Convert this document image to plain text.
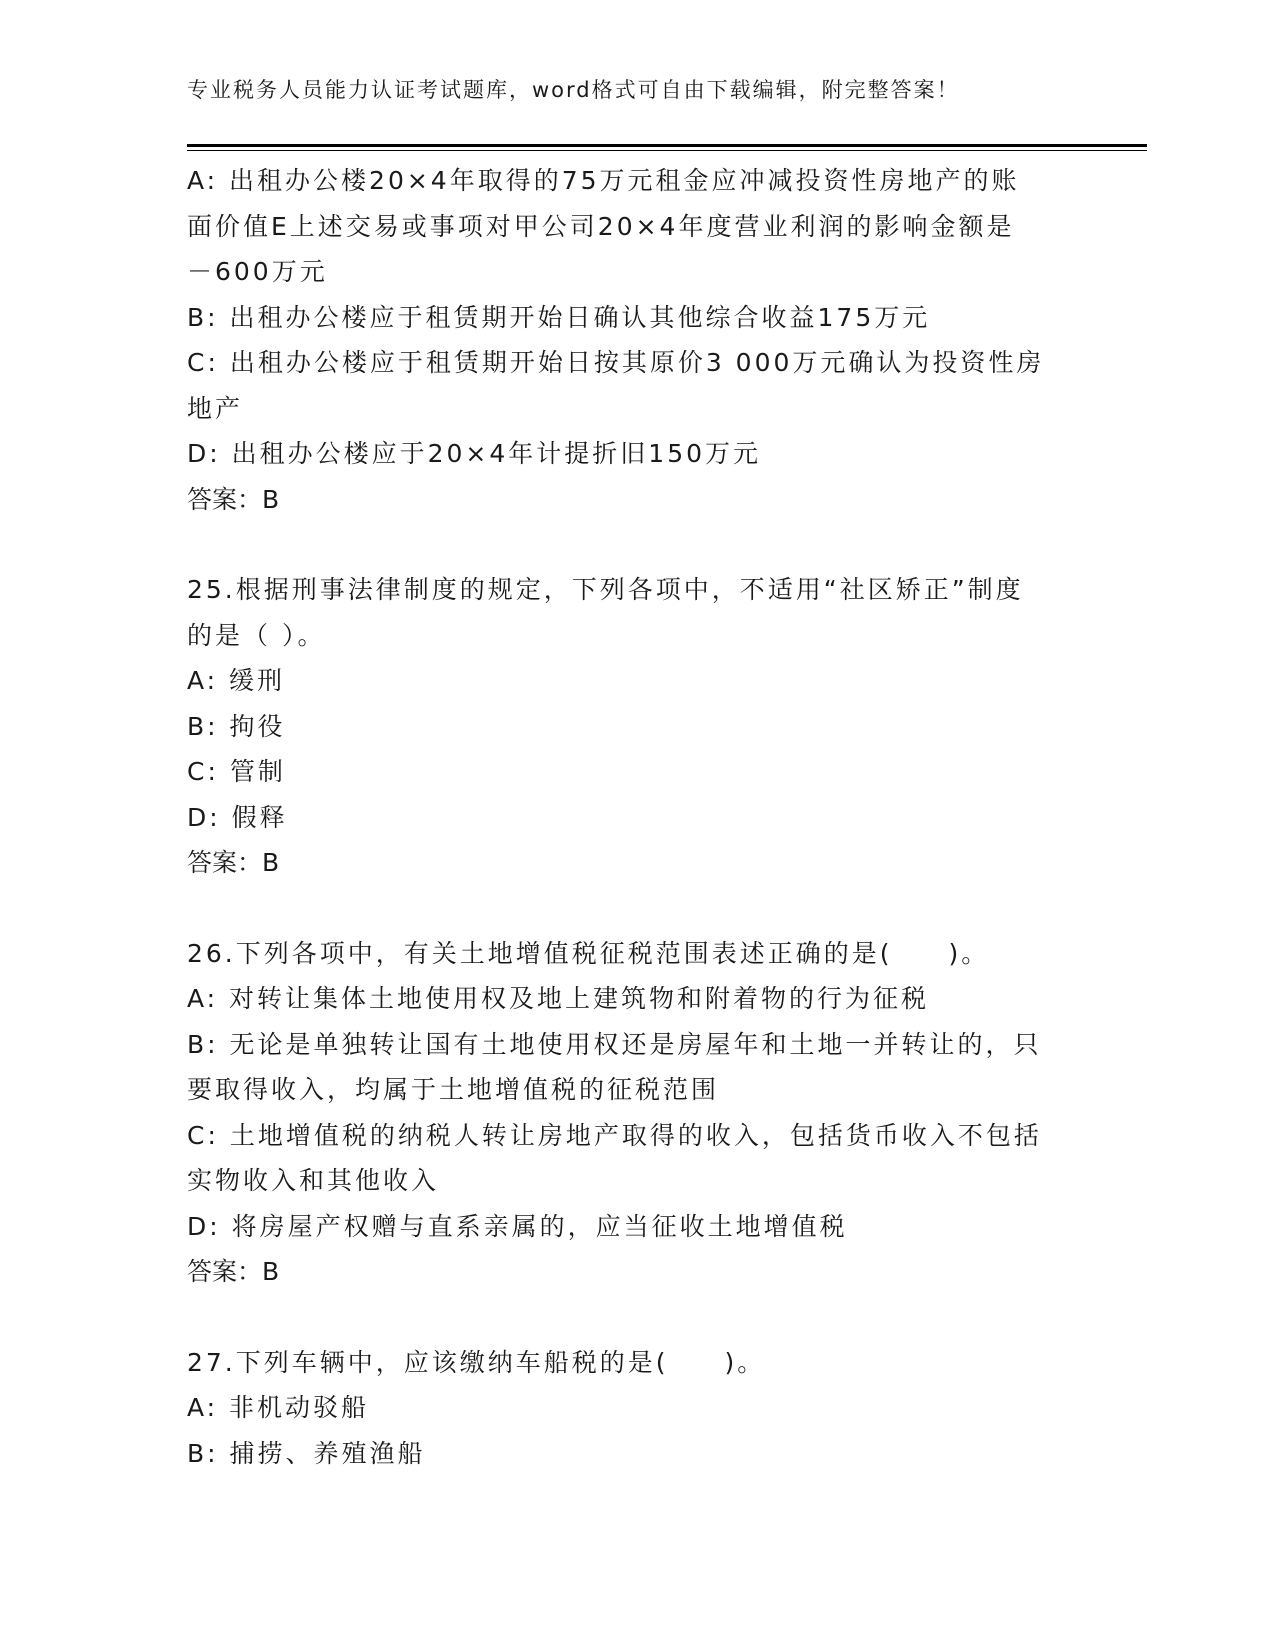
专业税务人员能力认证考试题库，word格式可自由下载编辑，附完整答案！
A: 出租办公楼20×4年取得的75万元租金应冲减投资性房地产的账
面价值E上述交易或事项对甲公司20×4年度营业利润的影响金额是
－600万元
B: 出租办公楼应于租赁期开始日确认其他综合收益175万元
C: 出租办公楼应于租赁期开始日按其原价3 000万元确认为投资性房
地产
D: 出租办公楼应于20×4年计提折旧150万元
答案：B
25.根据刑事法律制度的规定，下列各项中，不适用“社区矫正”制度
的是（ ）。
A: 缓刑
B: 拘役
C: 管制
D: 假释
答案：B
26.下列各项中，有关土地增值税征税范围表述正确的是(　　)。
A: 对转让集体土地使用权及地上建筑物和附着物的行为征税
B: 无论是单独转让国有土地使用权还是房屋年和土地一并转让的，只
要取得收入，均属于土地增值税的征税范围
C: 土地增值税的纳税人转让房地产取得的收入，包括货币收入不包括
实物收入和其他收入
D: 将房屋产权赠与直系亲属的，应当征收土地增值税
答案：B
27.下列车辆中，应该缴纳车船税的是(　　)。
A: 非机动驳船
B: 捕捞、养殖渔船
